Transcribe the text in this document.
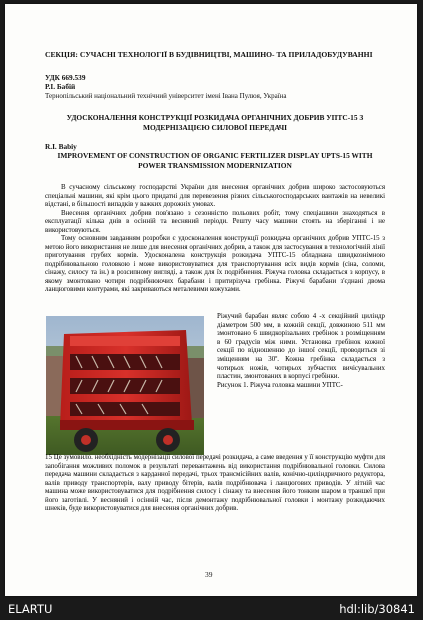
СЕКЦІЯ: СУЧАСНІ ТЕХНОЛОГІЇ В БУДІВНИЦТВІ, МАШИНО- ТА ПРИЛАДОБУДУВАННІ
УДК 669.539
Р.І. Бабій
Тернопільський національний технічний університет імені Івана Пулюя, Україна
УДОСКОНАЛЕННЯ КОНСТРУКЦІЇ РОЗКИДАЧА ОРГАНІЧНИХ ДОБРИВ УПТС-15 З МОДЕРНІЗАЦІЄЮ СИЛОВОЇ ПЕРЕДАЧІ
R.I. Babiy
IMPROVEMENT OF CONSTRUCTION OF ORGANIC FERTILIZER DISPLAY UPTS-15 WITH POWER TRANSMISSION MODERNIZATION

В сучасному сільському господарстві України для внесення органічних добрив широко застосовуються спеціальні машини, які крім цього придатні для перевезення різних сільськогосподарських вантажів на невеликі відстані, в більшості випадків у важких дорожніх умовах.

Внесення органічних добрив пов'язано з сезонністю польових робіт, тому спеціашини знаходяться в експлуатації кілька днів в осінній та весняний періоди. Решту часу машини стоять на зберіганні і не використовуються.

Тому основним завданням розробки є удосконалення конструкції розкидача органічних добрив УПТС-15 з метою його використання не лише для внесення органічних добрив, а також для застосування в технологічній лінії приготування грубих кормів. Удосконалена конструкція розкидача УПТС-15 обладнана швидкознімною подрібнювальною головкою і може використовуватися для транспортування всіх видів кормів (сіна, соломи, сінажу, силосу та ін.) в розсипному вигляді, а також для їх подрібнення. Ріжуча головка складається з корпусу, в якому змонтовано чотири подрібнюючих барабани і притирізуча гребінка. Ріжучі барабани з'єднані двома ланцюговими контурами, які закриваються металевими кожухами.

Ріжучий барабан являє собою 4 -х секційний циліндр діаметром 500 мм, в кожній секції, довжиною 511 мм змонтовано 6 швидкорізальних гребінок з розміщенням в 60 градусів між ними. Установка гребінок кожної секції по відношенню до іншої секції, проводиться зі зміщенням на 30º. Кожна гребінка складається з чотирьох ножів, чотирьох зубчастих вичісувальних пластин, змонтованих в корпусі гребінки.

Рисунок 1. Ріжуча головка машини УПТС-

15 Це зумовило. необхідність модернізації силової передачі розкидача, а саме введення у її конструкцію муфти для запобігання можливих поломок в результаті перевантажень від використання подрібнювальної головки. Силова передача машини складається з карданної передачі, трьох трансмісійних валів, конічно-циліндричного редуктора, валів приводу транспортерів, валу приводу бітерів, валів подрібнювача і ланцюгових приводів. У літній час машина може використовуватися для подрібнення силосу і сінажу та внесення його тонким шаром в траншеї при його заготівлі. У весняний і осінній час, після демонтажу подрібнювальної головки і монтажу розкидаючих шнеків, буде використовуватися для внесення органічних добрив.

39
ELARTU	hdl:lib/30841
